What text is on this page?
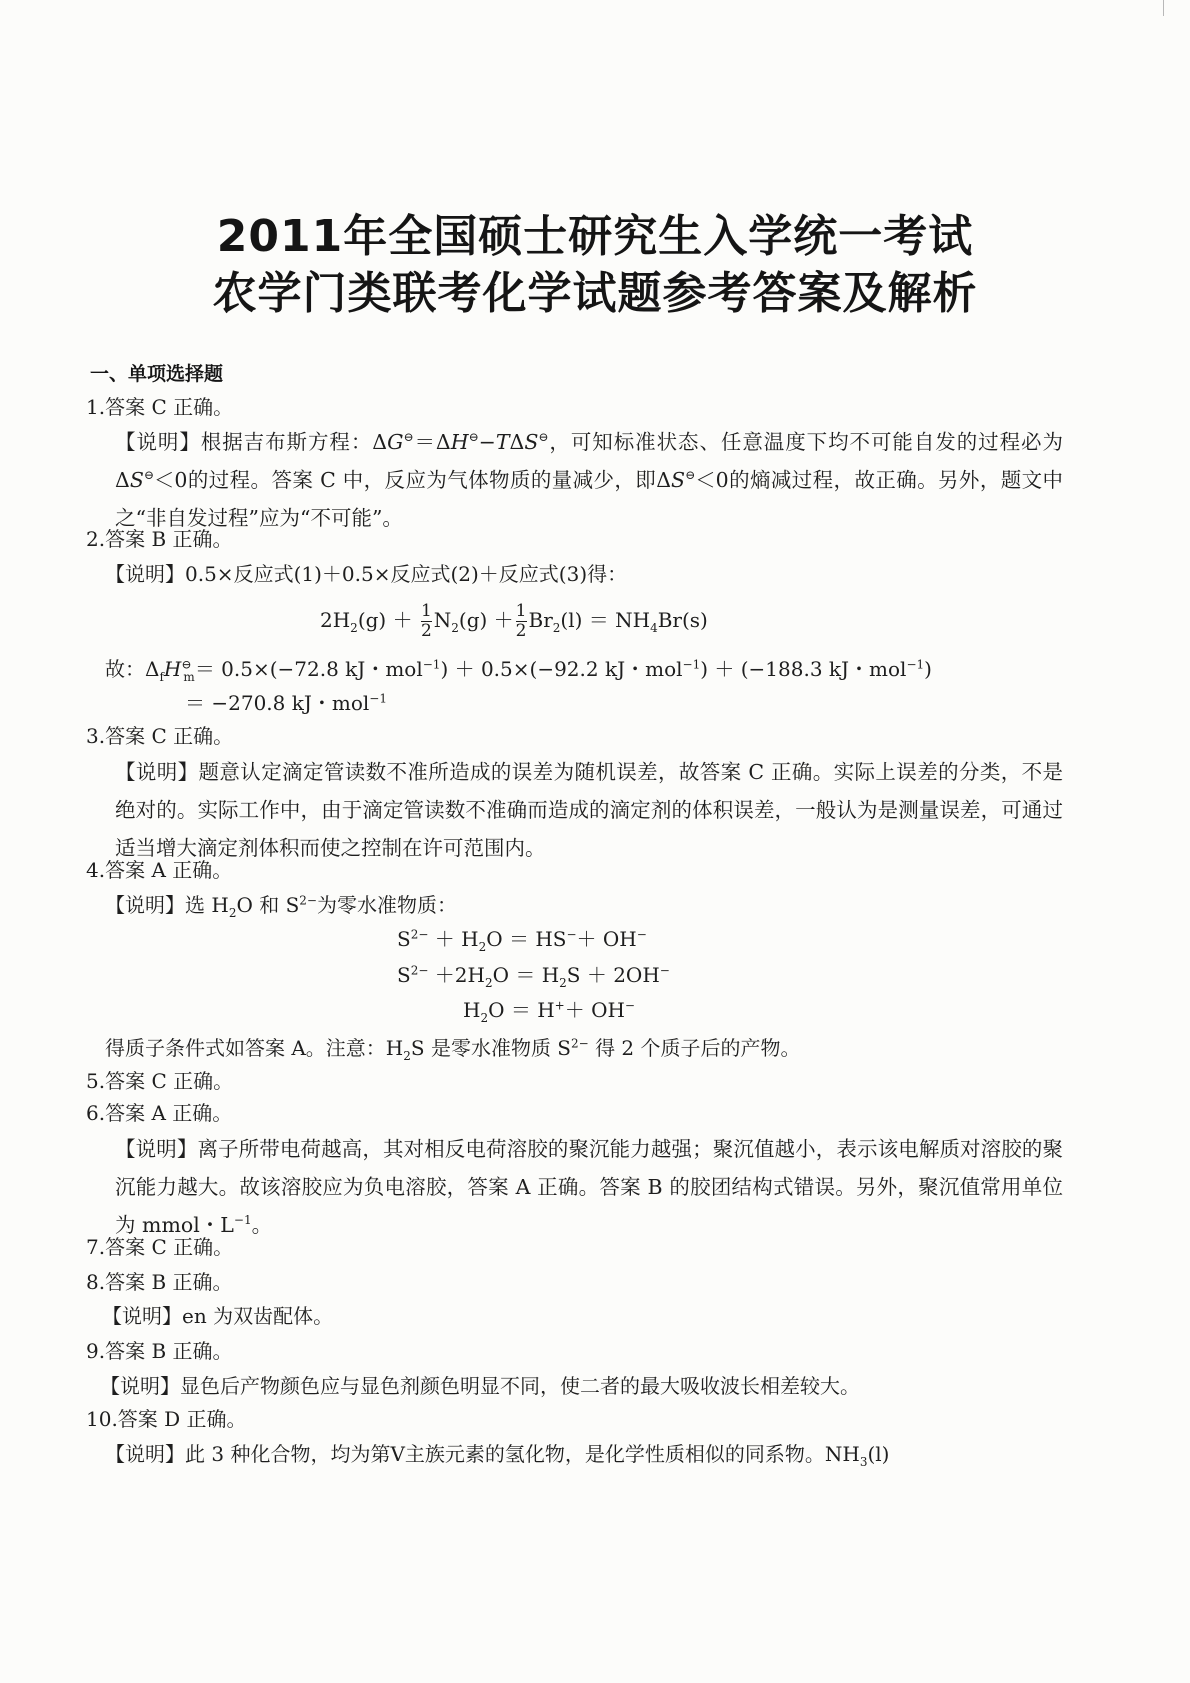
2011年全国硕士研究生入学统一考试
农学门类联考化学试题参考答案及解析
一、单项选择题
1.答案 C 正确。
【说明】根据吉布斯方程：ΔG⊖＝ΔH⊖−TΔS⊖，可知标准状态、任意温度下均不可能自发的过程必为ΔS⊖＜0的过程。答案 C 中，反应为气体物质的量减少，即ΔS⊖＜0的熵减过程，故正确。另外，题文中之“非自发过程”应为“不可能”。
2.答案 B 正确。
【说明】0.5×反应式(1)＋0.5×反应式(2)＋反应式(3)得：
$2H_2(g) + \frac{1}{2} N_2(g) + \frac{1}{2} Br_2(l) = NH_4Br(s)$
故：$\Delta_fH^⊖_m= 0.5\times(-72.8$ kJ・mol$^{-1}$) ＋ 0.5×(−92.2 kJ・mol$^{-1}$) ＋ (−188.3 kJ・mol$^{-1}$)
＝ −270.8 kJ・mol$^{-1}$
3.答案 C 正确。
【说明】题意认定滴定管读数不准所造成的误差为随机误差，故答案 C 正确。实际上误差的分类，不是绝对的。实际工作中，由于滴定管读数不准确而造成的滴定剂的体积误差，一般认为是测量误差，可通过适当增大滴定剂体积而使之控制在许可范围内。
4.答案 A 正确。
【说明】选 $H_2O$ 和 $S^{2-}$为零水准物质：
$S^{2-} + H_2O = HS^-+ OH^-$
$S^{2-} +2H_2O = H_2S + 2OH^-$
$H_2O = H^++ OH^-$
得质子条件式如答案 A。注意：$H_2S$ 是零水准物质 $S^{2-}$ 得 2 个质子后的产物。
5.答案 C 正确。
6.答案 A 正确。
【说明】离子所带电荷越高，其对相反电荷溶胶的聚沉能力越强；聚沉值越小，表示该电解质对溶胶的聚沉能力越大。故该溶胶应为负电溶胶，答案 A 正确。答案 B 的胶团结构式错误。另外，聚沉值常用单位为 mmol・$L^{-1}$。
7.答案 C 正确。
8.答案 B 正确。
【说明】en 为双齿配体。
9.答案 B 正确。
【说明】显色后产物颜色应与显色剂颜色明显不同，使二者的最大吸收波长相差较大。
10.答案 D 正确。
【说明】此 3 种化合物，均为第Ⅴ主族元素的氢化物，是化学性质相似的同系物。$NH_3(l)$
